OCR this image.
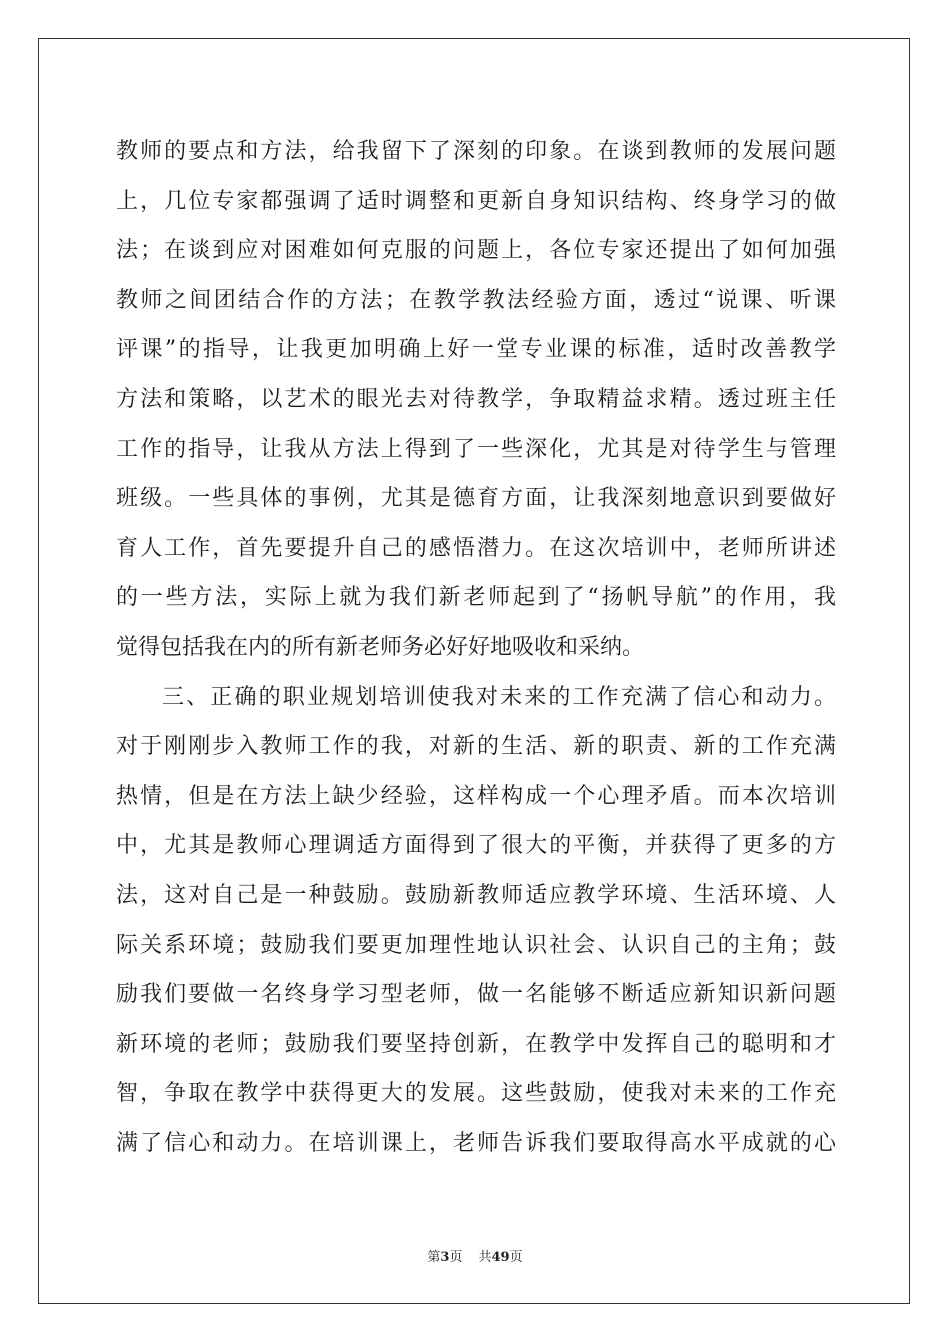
教师的要点和方法，给我留下了深刻的印象。在谈到教师的发展问题
上，几位专家都强调了适时调整和更新自身知识结构、终身学习的做
法；在谈到应对困难如何克服的问题上，各位专家还提出了如何加强
教师之间团结合作的方法；在教学教法经验方面，透过“说课、听课
评课”的指导，让我更加明确上好一堂专业课的标准，适时改善教学
方法和策略，以艺术的眼光去对待教学，争取精益求精。透过班主任
工作的指导，让我从方法上得到了一些深化，尤其是对待学生与管理
班级。一些具体的事例，尤其是德育方面，让我深刻地意识到要做好
育人工作，首先要提升自己的感悟潜力。在这次培训中，老师所讲述
的一些方法，实际上就为我们新老师起到了“扬帆导航”的作用，我
觉得包括我在内的所有新老师务必好好地吸收和采纳。
三、正确的职业规划培训使我对未来的工作充满了信心和动力。
对于刚刚步入教师工作的我，对新的生活、新的职责、新的工作充满
热情，但是在方法上缺少经验，这样构成一个心理矛盾。而本次培训
中，尤其是教师心理调适方面得到了很大的平衡，并获得了更多的方
法，这对自己是一种鼓励。鼓励新教师适应教学环境、生活环境、人
际关系环境；鼓励我们要更加理性地认识社会、认识自己的主角；鼓
励我们要做一名终身学习型老师，做一名能够不断适应新知识新问题
新环境的老师；鼓励我们要坚持创新，在教学中发挥自己的聪明和才
智，争取在教学中获得更大的发展。这些鼓励，使我对未来的工作充
满了信心和动力。在培训课上，老师告诉我们要取得高水平成就的心
第3页 共49页
